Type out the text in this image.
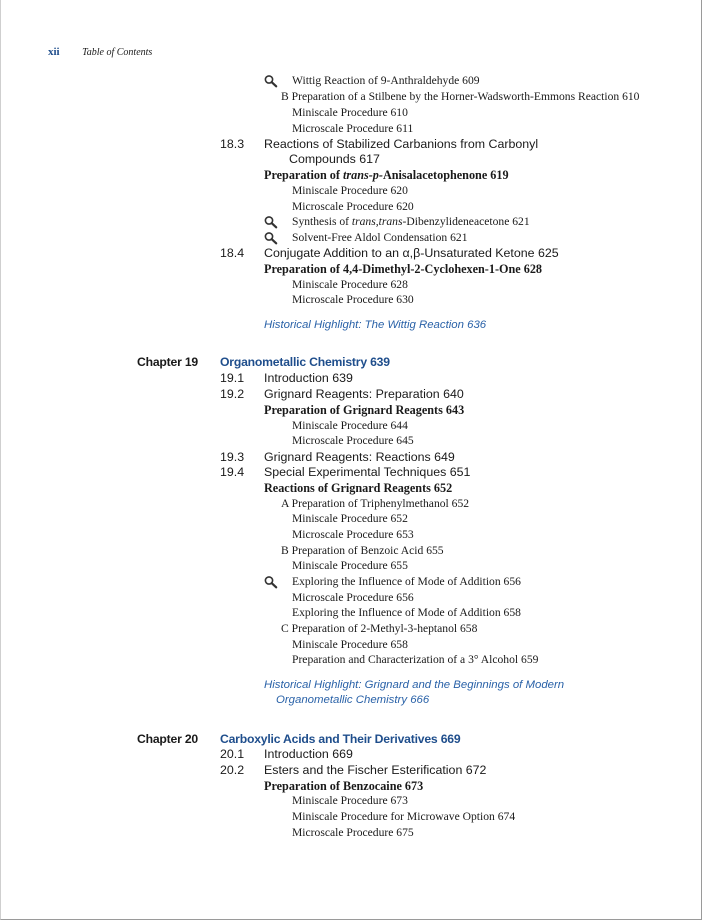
xii Table of Contents
Wittig Reaction of 9-Anthraldehyde 609
B Preparation of a Stilbene by the Horner-Wadsworth-Emmons Reaction 610
Miniscale Procedure 610
Microscale Procedure 611
18.3 Reactions of Stabilized Carbanions from Carbonyl
Compounds 617
Preparation of trans-p-Anisalacetophenone 619
Miniscale Procedure 620
Microscale Procedure 620
Synthesis of trans,trans-Dibenzylideneacetone 621
Solvent-Free Aldol Condensation 621
18.4 Conjugate Addition to an α,β-Unsaturated Ketone 625
Preparation of 4,4-Dimethyl-2-Cyclohexen-1-One 628
Miniscale Procedure 628
Microscale Procedure 630
Historical Highlight: The Wittig Reaction 636
Chapter 19 Organometallic Chemistry 639
19.1 Introduction 639
19.2 Grignard Reagents: Preparation 640
Preparation of Grignard Reagents 643
Miniscale Procedure 644
Microscale Procedure 645
19.3 Grignard Reagents: Reactions 649
19.4 Special Experimental Techniques 651
Reactions of Grignard Reagents 652
A Preparation of Triphenylmethanol 652
Miniscale Procedure 652
Microscale Procedure 653
B Preparation of Benzoic Acid 655
Miniscale Procedure 655
Exploring the Influence of Mode of Addition 656
Microscale Procedure 656
Exploring the Influence of Mode of Addition 658
C Preparation of 2-Methyl-3-heptanol 658
Miniscale Procedure 658
Preparation and Characterization of a 3° Alcohol 659
Historical Highlight: Grignard and the Beginnings of Modern
Organometallic Chemistry 666
Chapter 20 Carboxylic Acids and Their Derivatives 669
20.1 Introduction 669
20.2 Esters and the Fischer Esterification 672
Preparation of Benzocaine 673
Miniscale Procedure 673
Miniscale Procedure for Microwave Option 674
Microscale Procedure 675
